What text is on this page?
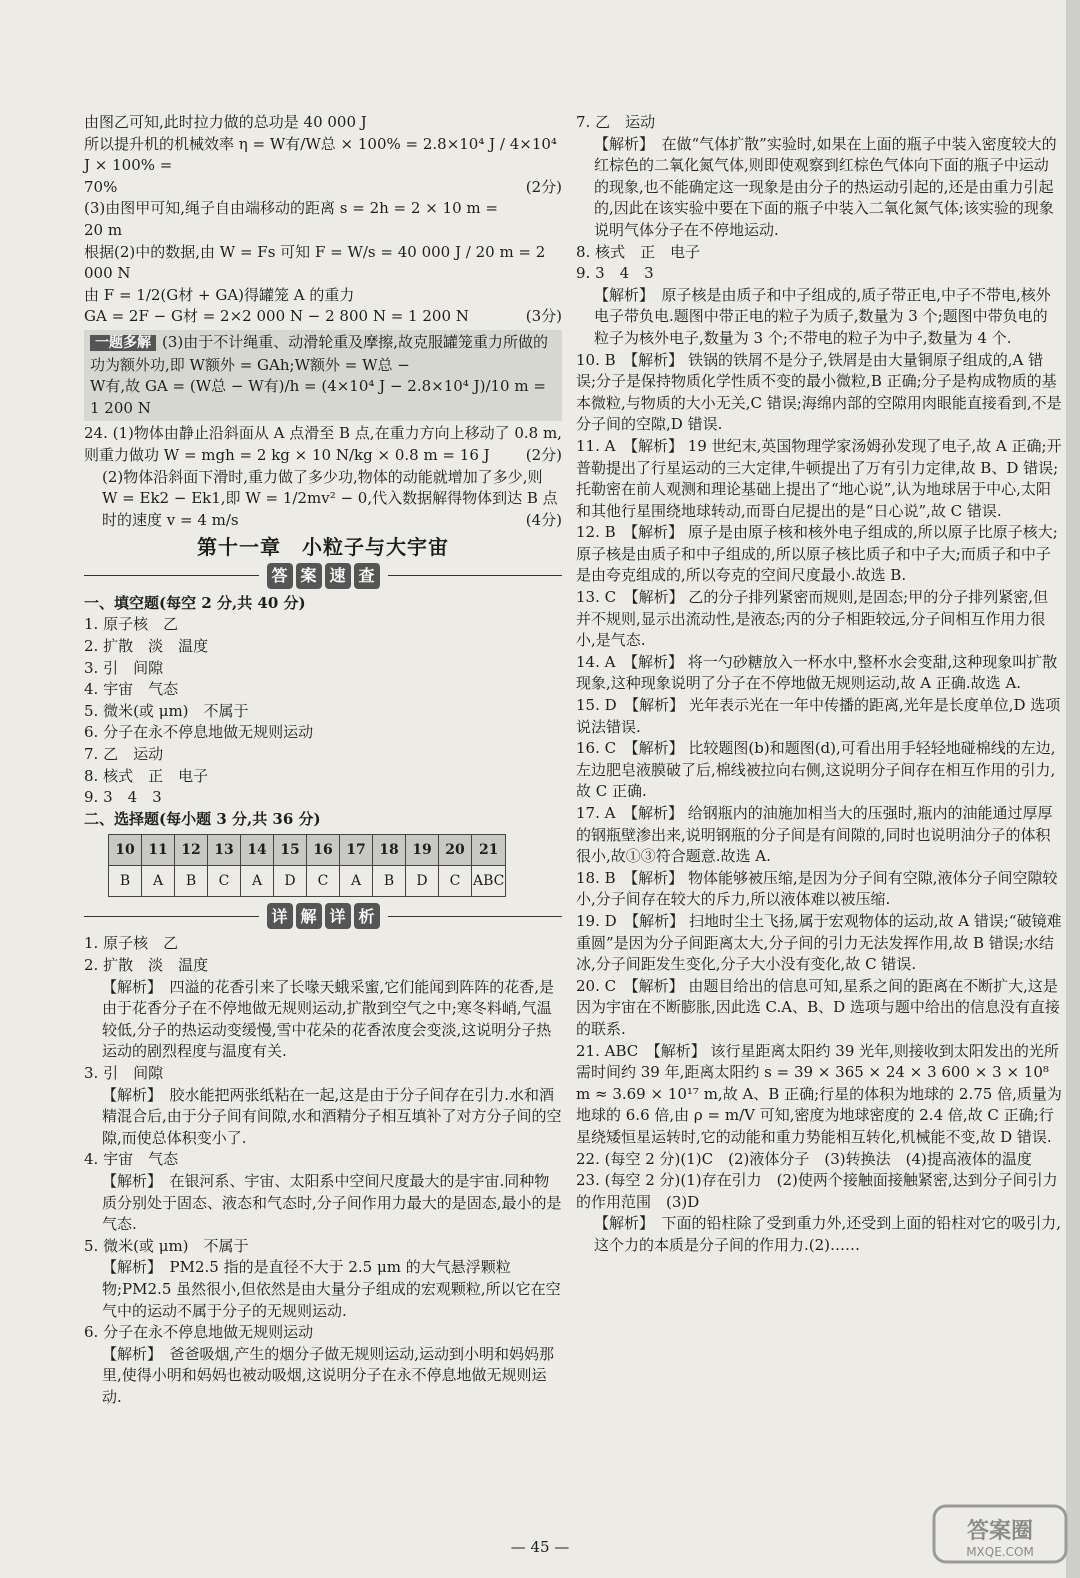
由图乙可知,此时拉力做的总功是 40 000 J

所以提升机的机械效率 η = W有/W总 × 100% = 2.8×10⁴ J / 4×10⁴ J × 100% =

70%	(2分)

(3)由图甲可知,绳子自由端移动的距离 s = 2h = 2 × 10 m =

20 m

根据(2)中的数据,由 W = Fs 可知 F = W/s = 40 000 J / 20 m = 2 000 N

由 F = 1/2(G材 + GA)得罐笼 A 的重力

GA = 2F − G材 = 2×2 000 N − 2 800 N = 1 200 N	(3分)

一题多解 (3)由于不计绳重、动滑轮重及摩擦,故克服罐笼重力所做的功为额外功,即 W额外 = GAh;W额外 = W总 −

W有,故 GA = (W总 − W有)/h = (4×10⁴ J − 2.8×10⁴ J)/10 m = 1 200 N

24. (1)物体由静止沿斜面从 A 点滑至 B 点,在重力方向上移动了 0.8 m,则重力做功 W = mgh = 2 kg × 10 N/kg × 0.8 m = 16 J (2分)

(2)物体沿斜面下滑时,重力做了多少功,物体的动能就增加了多少,则 W = Ek2 − Ek1,即 W = 1/2mv² − 0,代入数据解得物体到达 B 点时的速度 v = 4 m/s	(4分)

第十一章　小粒子与大宇宙
答 案 速 查

一、填空题(每空 2 分,共 40 分)

1. 原子核　乙

2. 扩散　淡　温度

3. 引　间隙

4. 宇宙　气态

5. 微米(或 μm)　不属于

6. 分子在永不停息地做无规则运动

7. 乙　运动

8. 核式　正　电子

9. 3　4　3

二、选择题(每小题 3 分,共 36 分)

10	11	12	13	14	15	16	17	18	19	20	21
B	A	B	C	A	D	C	A	B	D	C	ABC
详 解 详 析

1. 原子核　乙

2. 扩散　淡　温度

【解析】　四溢的花香引来了长喙天蛾采蜜,它们能闻到阵阵的花香,是由于花香分子在不停地做无规则运动,扩散到空气之中;寒冬料峭,气温较低,分子的热运动变缓慢,雪中花朵的花香浓度会变淡,这说明分子热运动的剧烈程度与温度有关.

3. 引　间隙

【解析】　胶水能把两张纸粘在一起,这是由于分子间存在引力.水和酒精混合后,由于分子间有间隙,水和酒精分子相互填补了对方分子间的空隙,而使总体积变小了.

4. 宇宙　气态

【解析】　在银河系、宇宙、太阳系中空间尺度最大的是宇宙.同种物质分别处于固态、液态和气态时,分子间作用力最大的是固态,最小的是气态.

5. 微米(或 μm)　不属于

【解析】　PM2.5 指的是直径不大于 2.5 μm 的大气悬浮颗粒物;PM2.5 虽然很小,但依然是由大量分子组成的宏观颗粒,所以它在空气中的运动不属于分子的无规则运动.

6. 分子在永不停息地做无规则运动

【解析】　爸爸吸烟,产生的烟分子做无规则运动,运动到小明和妈妈那里,使得小明和妈妈也被动吸烟,这说明分子在永不停息地做无规则运动.

7. 乙　运动

【解析】　在做“气体扩散”实验时,如果在上面的瓶子中装入密度较大的红棕色的二氧化氮气体,则即使观察到红棕色气体向下面的瓶子中运动的现象,也不能确定这一现象是由分子的热运动引起的,还是由重力引起的,因此在该实验中要在下面的瓶子中装入二氧化氮气体;该实验的现象说明气体分子在不停地运动.

8. 核式　正　电子

9. 3　4　3

【解析】　原子核是由质子和中子组成的,质子带正电,中子不带电,核外电子带负电.题图中带正电的粒子为质子,数量为 3 个;题图中带负电的粒子为核外电子,数量为 3 个;不带电的粒子为中子,数量为 4 个.

10. B　【解析】 铁锅的铁屑不是分子,铁屑是由大量铜原子组成的,A 错误;分子是保持物质化学性质不变的最小微粒,B 正确;分子是构成物质的基本微粒,与物质的大小无关,C 错误;海绵内部的空隙用肉眼能直接看到,不是分子间的空隙,D 错误.

11. A　【解析】 19 世纪末,英国物理学家汤姆孙发现了电子,故 A 正确;开普勒提出了行星运动的三大定律,牛顿提出了万有引力定律,故 B、D 错误;托勒密在前人观测和理论基础上提出了“地心说”,认为地球居于中心,太阳和其他行星围绕地球转动,而哥白尼提出的是“日心说”,故 C 错误.

12. B　【解析】 原子是由原子核和核外电子组成的,所以原子比原子核大;原子核是由质子和中子组成的,所以原子核比质子和中子大;而质子和中子是由夸克组成的,所以夸克的空间尺度最小.故选 B.

13. C　【解析】 乙的分子排列紧密而规则,是固态;甲的分子排列紧密,但并不规则,显示出流动性,是液态;丙的分子相距较远,分子间相互作用力很小,是气态.

14. A　【解析】 将一勺砂糖放入一杯水中,整杯水会变甜,这种现象叫扩散现象,这种现象说明了分子在不停地做无规则运动,故 A 正确.故选 A.

15. D　【解析】 光年表示光在一年中传播的距离,光年是长度单位,D 选项说法错误.

16. C　【解析】 比较题图(b)和题图(d),可看出用手轻轻地碰棉线的左边,左边肥皂液膜破了后,棉线被拉向右侧,这说明分子间存在相互作用的引力,故 C 正确.

17. A　【解析】 给钢瓶内的油施加相当大的压强时,瓶内的油能通过厚厚的钢瓶壁渗出来,说明钢瓶的分子间是有间隙的,同时也说明油分子的体积很小,故①③符合题意.故选 A.

18. B　【解析】 物体能够被压缩,是因为分子间有空隙,液体分子间空隙较小,分子间存在较大的斥力,所以液体难以被压缩.

19. D　【解析】 扫地时尘土飞扬,属于宏观物体的运动,故 A 错误;“破镜难重圆”是因为分子间距离太大,分子间的引力无法发挥作用,故 B 错误;水结冰,分子间距发生变化,分子大小没有变化,故 C 错误.

20. C　【解析】 由题目给出的信息可知,星系之间的距离在不断扩大,这是因为宇宙在不断膨胀,因此选 C.A、B、D 选项与题中给出的信息没有直接的联系.

21. ABC　【解析】 该行星距离太阳约 39 光年,则接收到太阳发出的光所需时间约 39 年,距离太阳约 s = 39 × 365 × 24 × 3 600 × 3 × 10⁸ m ≈ 3.69 × 10¹⁷ m,故 A、B 正确;行星的体积为地球的 2.75 倍,质量为地球的 6.6 倍,由 ρ = m/V 可知,密度为地球密度的 2.4 倍,故 C 正确;行星绕矮恒星运转时,它的动能和重力势能相互转化,机械能不变,故 D 错误.

22. (每空 2 分)(1)C　(2)液体分子　(3)转换法　(4)提高液体的温度

23. (每空 2 分)(1)存在引力　(2)使两个接触面接触紧密,达到分子间引力的作用范围　(3)D

【解析】　下面的铅柱除了受到重力外,还受到上面的铅柱对它的吸引力,这个力的本质是分子间的作用力.(2)……

— 45 —
答案圈
MXQE.COM
